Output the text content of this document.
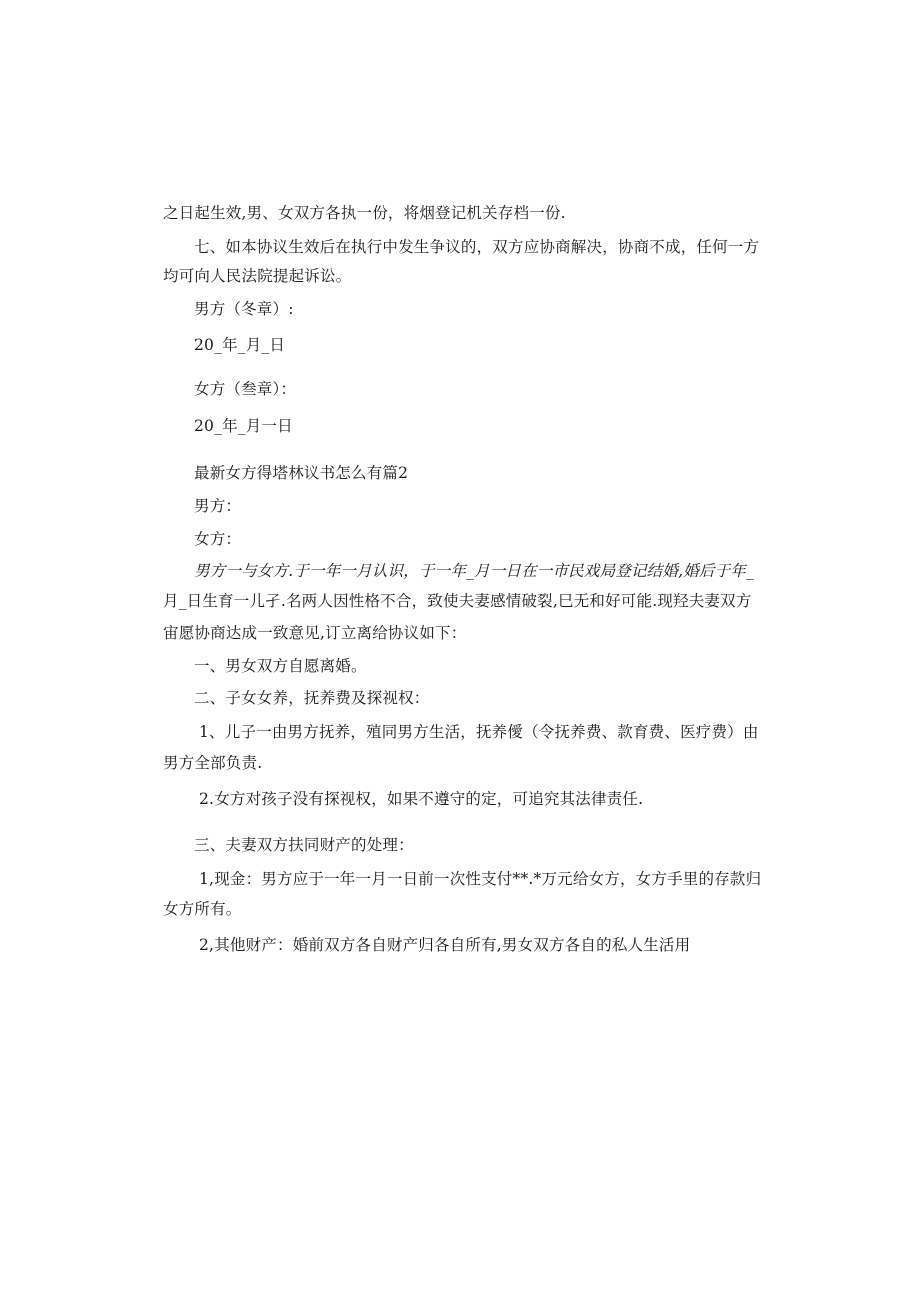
之日起生效,男、女双方各执一份，将烟登记机关存档一份.
七、如本协议生效后在执行中发生争议的，双方应协商解决，协商不成，任何一方
均可向人民法院提起诉讼。
男方（冬章）:
20_年_月_日
女方（叁章）：
20_年_月一日
最新女方得塔林议书怎么有篇2
男方：
女方：
男方一与女方.于一年一月认识，于一年_月一日在一市民戏局登记结婚,婚后于年_
月_日生育一儿孑.名两人因性格不合，致使夫妻感情破裂,巳无和好可能.现羟夫妻双方
宙愿协商达成一致意见,订立离给协议如下：
一、男女双方自愿离婚。
二、子女女养，抚养费及探视权：
1、儿子一由男方抚养，殖同男方生活，抚养僾（令抚养费、款育费、医疗费）由
男方全部负责.
2.女方对孩子没有探视权，如果不遵守的定，可追究其法律责任.
三、夫妻双方扶同财产的处理：
1,现金：男方应于一年一月一日前一次性支付**.*万元给女方，女方手里的存款归
女方所有。
2,其他财产：婚前双方各自财产归各自所有,男女双方各自的私人生活用
